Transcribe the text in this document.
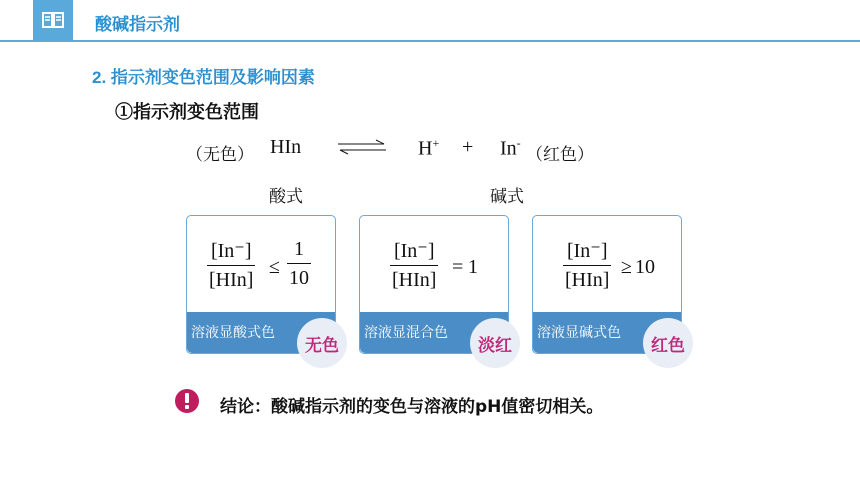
酸碱指示剂
2. 指示剂变色范围及影响因素
①指示剂变色范围
（无色） HIn	H+ + In-
（红色）
酸式	碱式
[In⁻]
[HIn]
≤
1
10
溶液显酸式色
无色
[In⁻]
[HIn]
= 1
溶液显混合色
淡红
[In⁻]
[HIn]
≥ 10
溶液显碱式色
红色
结论：酸碱指示剂的变色与溶液的pH值密切相关。
